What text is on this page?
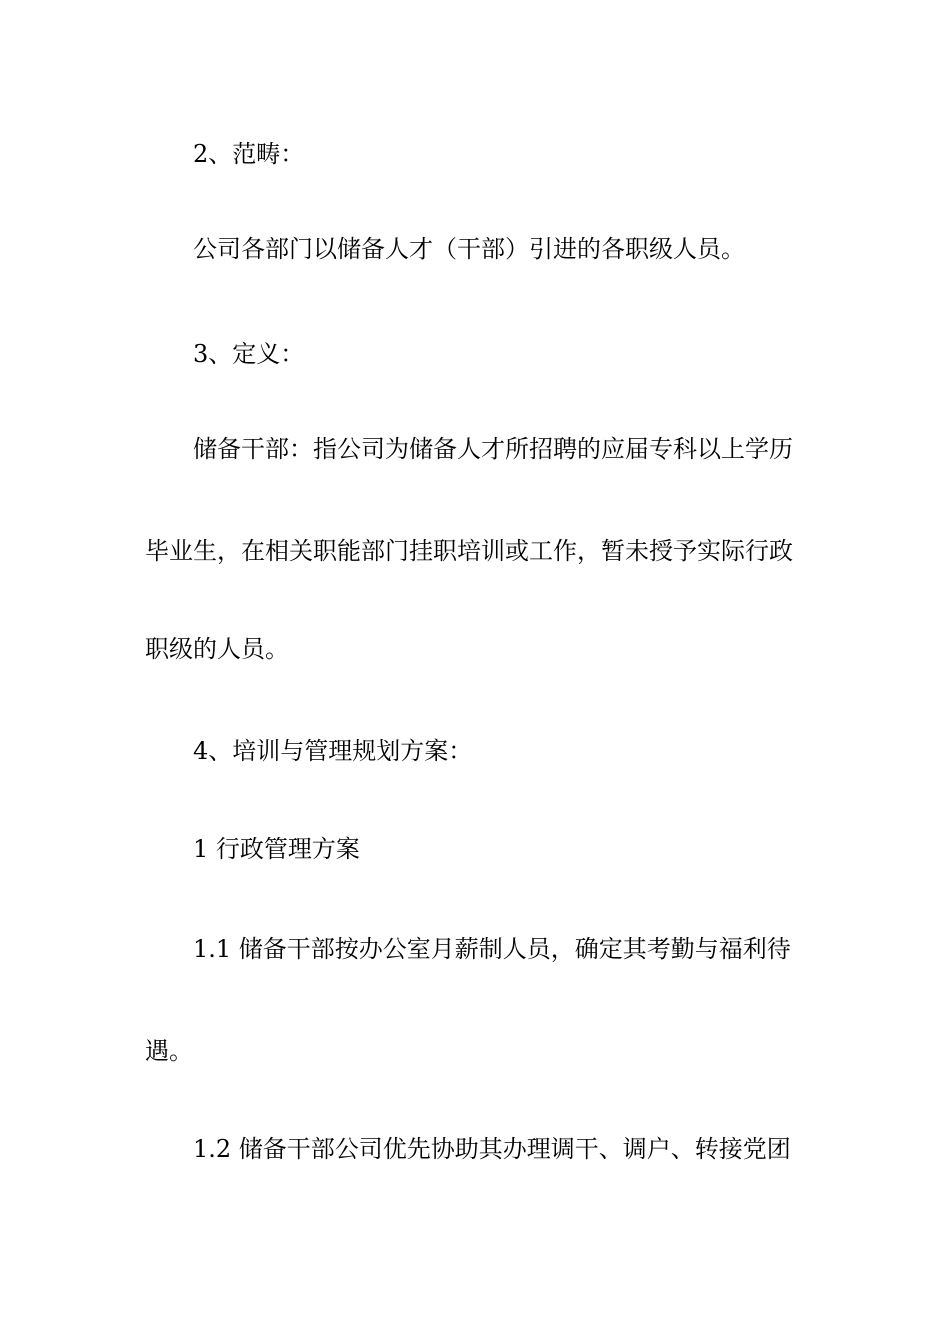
2、范畴：
公司各部门以储备人才（干部）引进的各职级人员。
3、定义：
储备干部：指公司为储备人才所招聘的应届专科以上学历
毕业生，在相关职能部门挂职培训或工作，暂未授予实际行政
职级的人员。
4、培训与管理规划方案：
1 行政管理方案
1.1 储备干部按办公室月薪制人员，确定其考勤与福利待
遇。
1.2 储备干部公司优先协助其办理调干、调户、转接党团
